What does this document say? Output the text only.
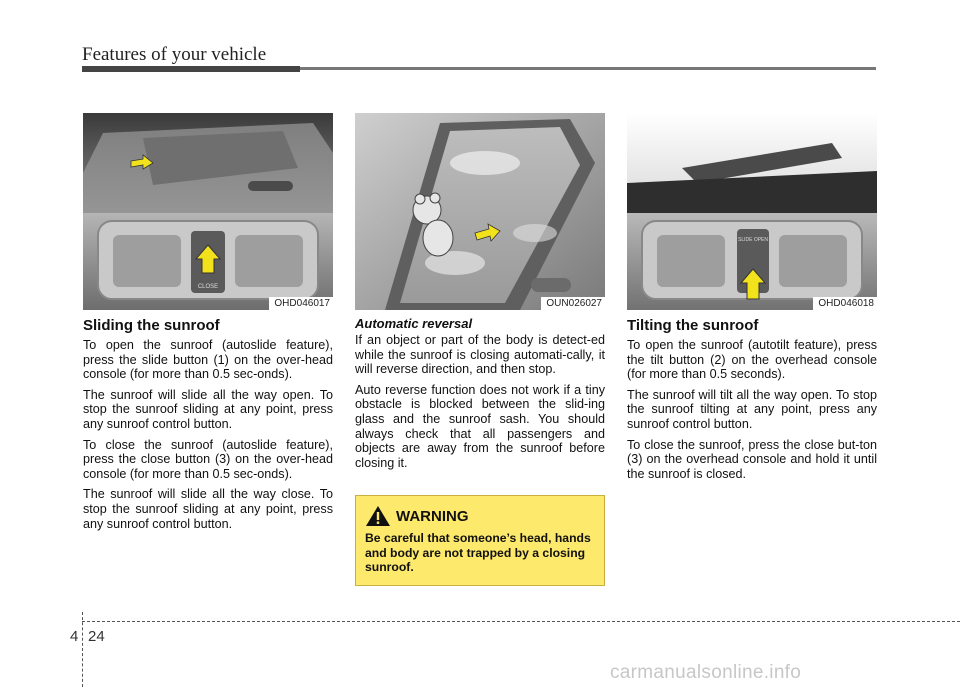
Features of your vehicle
CLOSE
OHD046017
Sliding the sunroof

To open the sunroof (autoslide feature), press the slide button (1) on the over-head console (for more than 0.5 sec-onds).

The sunroof will slide all the way open. To stop the sunroof sliding at any point, press any sunroof control button.

To close the sunroof (autoslide feature), press the close button (3) on the over-head console (for more than 0.5 sec-onds).

The sunroof will slide all the way close. To stop the sunroof sliding at any point, press any sunroof control button.

OUN026027
Automatic reversal

If an object or part of the body is detect-ed while the sunroof is closing automati-cally, it will reverse direction, and then stop.

Auto reverse function does not work if a tiny obstacle is blocked between the slid-ing glass and the sunroof sash. You should always check that all passengers and objects are away from the sunroof before closing it.

SLIDE OPEN
OHD046018
Tilting the sunroof

To open the sunroof (autotilt feature), press the tilt button (2) on the overhead console (for more than 0.5 seconds).

The sunroof will tilt all the way open. To stop the sunroof tilting at any point, press any sunroof control button.

To close the sunroof, press the close but-ton (3) on the overhead console and hold it until the sunroof is closed.

WARNING
Be careful that someone’s head, hands and body are not trapped by a closing sunroof.
4 24
carmanualsonline.info
